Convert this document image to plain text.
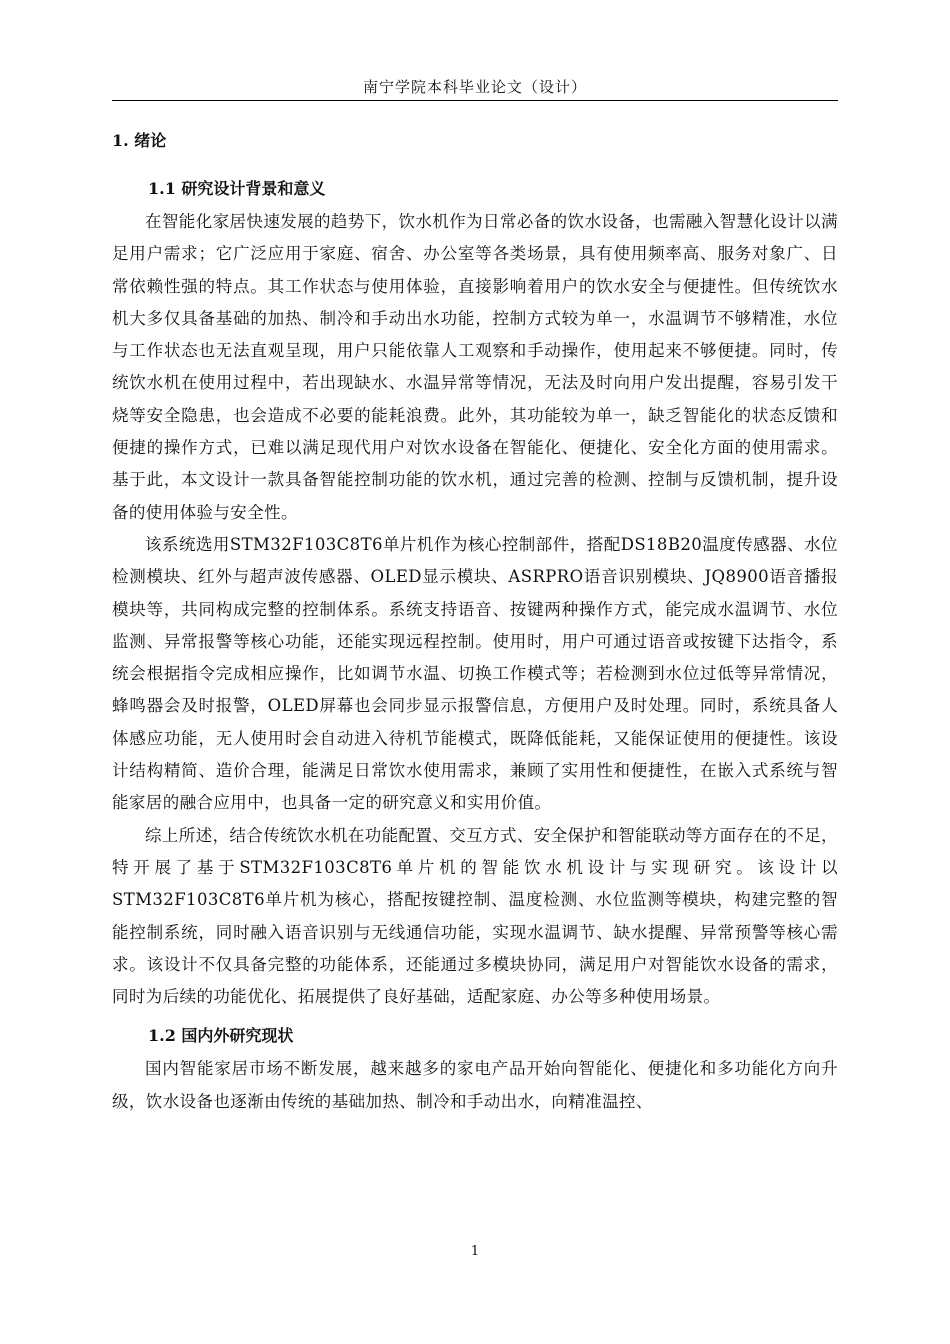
南宁学院本科毕业论文（设计）
1. 绪论
1.1 研究设计背景和意义

在智能化家居快速发展的趋势下，饮水机作为日常必备的饮水设备，也需融入智慧化设计以满足用户需求；它广泛应用于家庭、宿舍、办公室等各类场景，具有使用频率高、服务对象广、日常依赖性强的特点。其工作状态与使用体验，直接影响着用户的饮水安全与便捷性。但传统饮水机大多仅具备基础的加热、制冷和手动出水功能，控制方式较为单一，水温调节不够精准，水位与工作状态也无法直观呈现，用户只能依靠人工观察和手动操作，使用起来不够便捷。同时，传统饮水机在使用过程中，若出现缺水、水温异常等情况，无法及时向用户发出提醒，容易引发干烧等安全隐患，也会造成不必要的能耗浪费。此外，其功能较为单一，缺乏智能化的状态反馈和便捷的操作方式，已难以满足现代用户对饮水设备在智能化、便捷化、安全化方面的使用需求。基于此，本文设计一款具备智能控制功能的饮水机，通过完善的检测、控制与反馈机制，提升设备的使用体验与安全性。

该系统选用STM32F103C8T6单片机作为核心控制部件，搭配DS18B20温度传感器、水位检测模块、红外与超声波传感器、OLED显示模块、ASRPRO语音识别模块、JQ8900语音播报模块等，共同构成完整的控制体系。系统支持语音、按键两种操作方式，能完成水温调节、水位监测、异常报警等核心功能，还能实现远程控制。使用时，用户可通过语音或按键下达指令，系统会根据指令完成相应操作，比如调节水温、切换工作模式等；若检测到水位过低等异常情况，蜂鸣器会及时报警，OLED屏幕也会同步显示报警信息，方便用户及时处理。同时，系统具备人体感应功能，无人使用时会自动进入待机节能模式，既降低能耗，又能保证使用的便捷性。该设计结构精简、造价合理，能满足日常饮水使用需求，兼顾了实用性和便捷性，在嵌入式系统与智能家居的融合应用中，也具备一定的研究意义和实用价值。

综上所述，结合传统饮水机在功能配置、交互方式、安全保护和智能联动等方面存在的不足，特开展了基于STM32F103C8T6单片机的智能饮水机设计与实现研究。该设计以STM32F103C8T6单片机为核心，搭配按键控制、温度检测、水位监测等模块，构建完整的智能控制系统，同时融入语音识别与无线通信功能，实现水温调节、缺水提醒、异常预警等核心需求。该设计不仅具备完整的功能体系，还能通过多模块协同，满足用户对智能饮水设备的需求，同时为后续的功能优化、拓展提供了良好基础，适配家庭、办公等多种使用场景。

1.2 国内外研究现状

国内智能家居市场不断发展，越来越多的家电产品开始向智能化、便捷化和多功能化方向升级，饮水设备也逐渐由传统的基础加热、制冷和手动出水，向精准温控、

1
